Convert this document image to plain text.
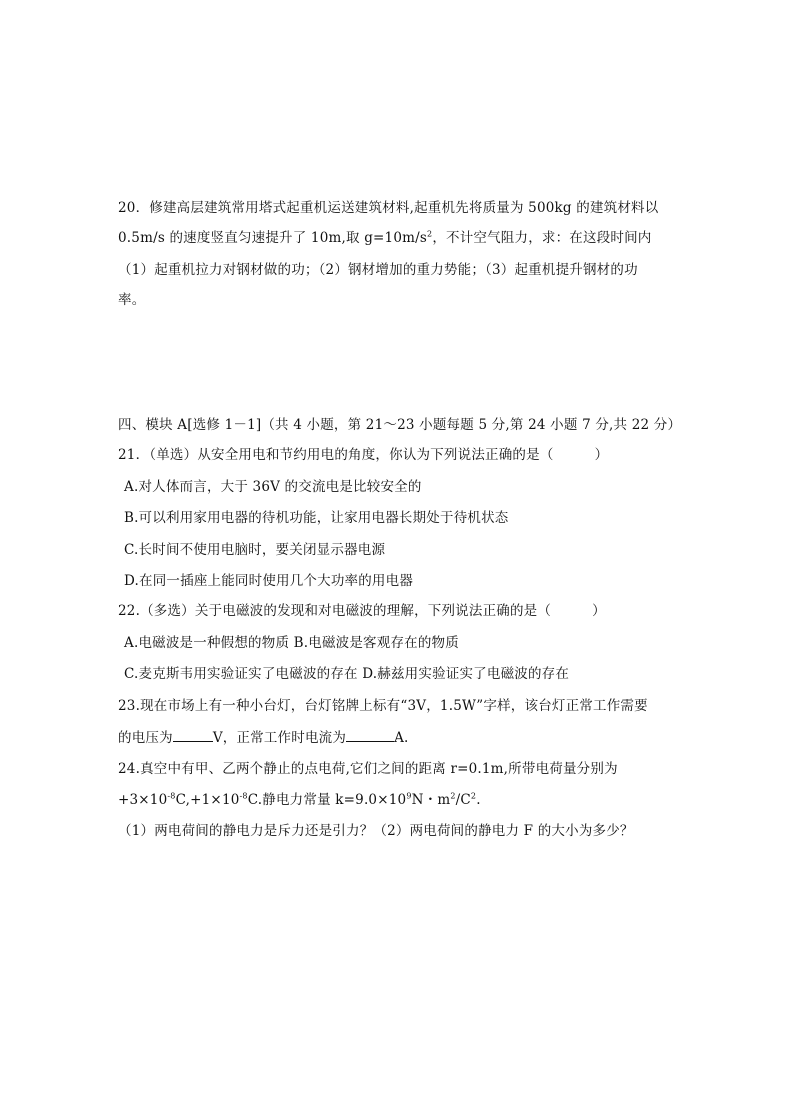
20．修建高层建筑常用塔式起重机运送建筑材料,起重机先将质量为 500kg 的建筑材料以
0.5m/s 的速度竖直匀速提升了 10m,取 $g=10m/s^2$，不计空气阻力，求：在这段时间内
（1）起重机拉力对钢材做的功；（2）钢材增加的重力势能；（3）起重机提升钢材的功
率。
四、模块 A[选修 1－1]（共 4 小题，第 21～23 小题每题 5 分,第 24 小题 7 分,共 22 分）
21．（单选）从安全用电和节约用电的角度，你认为下列说法正确的是（　　　）
A.对人体而言，大于 36V 的交流电是比较安全的
B.可以利用家用电器的待机功能，让家用电器长期处于待机状态
C.长时间不使用电脑时，要关闭显示器电源
D.在同一插座上能同时使用几个大功率的用电器
22.（多选）关于电磁波的发现和对电磁波的理解，下列说法正确的是（　　　）
A.电磁波是一种假想的物质 B.电磁波是客观存在的物质
C.麦克斯韦用实验证实了电磁波的存在 D.赫兹用实验证实了电磁波的存在
23.现在市场上有一种小台灯，台灯铭牌上标有“3V，1.5W”字样，该台灯正常工作需要
的电压为	V，正常工作时电流为	A.
24.真空中有甲、乙两个静止的点电荷,它们之间的距离 r=0.1m,所带电荷量分别为
$+3\times 10^{-8}C,+1\times 10^{-8}C$.静电力常量 $k=9.0\times 10^9N$・$m^2/C^2$.
（1）两电荷间的静电力是斥力还是引力？（2）两电荷间的静电力 F 的大小为多少？
